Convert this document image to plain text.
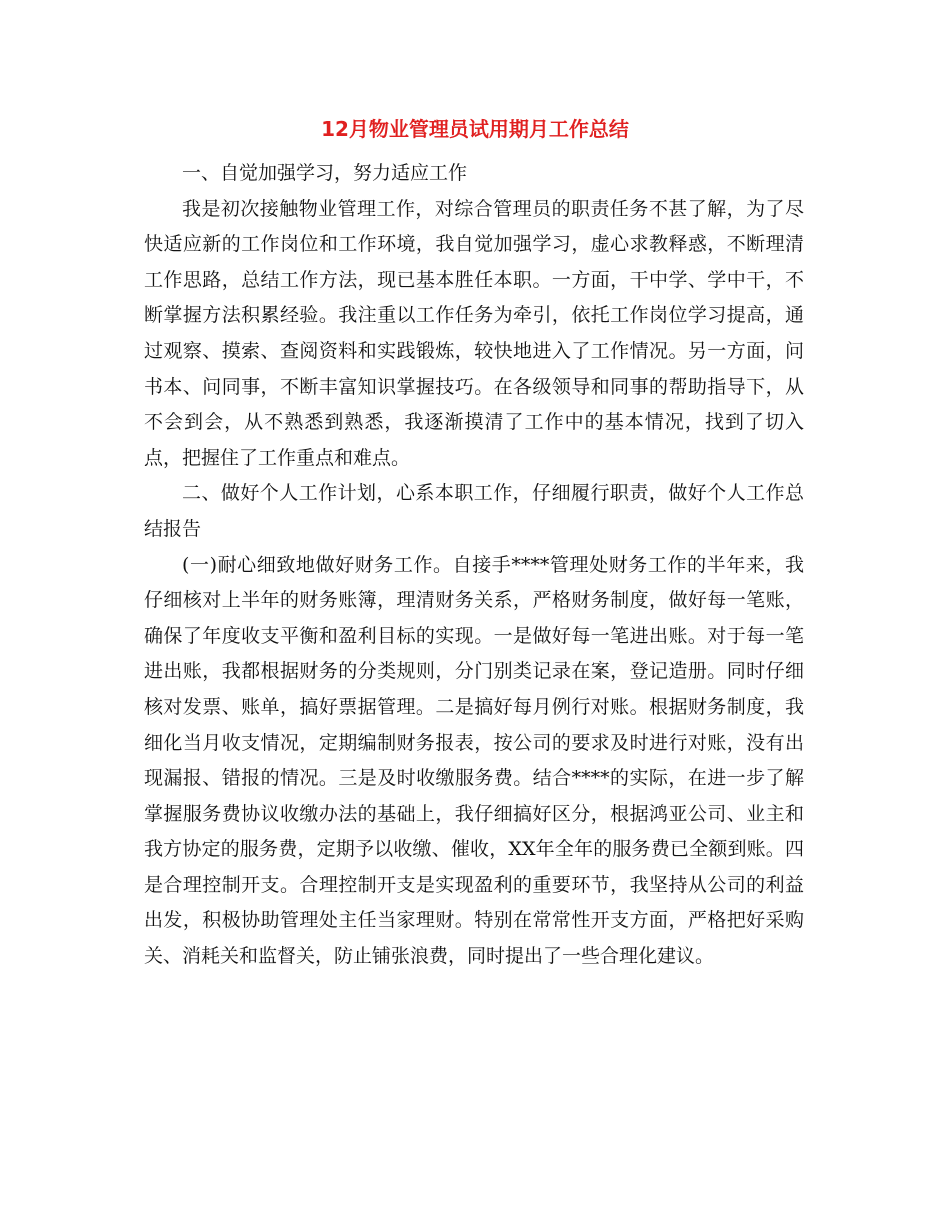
12月物业管理员试用期月工作总结

一、自觉加强学习，努力适应工作

我是初次接触物业管理工作，对综合管理员的职责任务不甚了解，为了尽快适应新的工作岗位和工作环境，我自觉加强学习，虚心求教释惑，不断理清工作思路，总结工作方法，现已基本胜任本职。一方面，干中学、学中干，不断掌握方法积累经验。我注重以工作任务为牵引，依托工作岗位学习提高，通过观察、摸索、查阅资料和实践锻炼，较快地进入了工作情况。另一方面，问书本、问同事，不断丰富知识掌握技巧。在各级领导和同事的帮助指导下，从不会到会，从不熟悉到熟悉，我逐渐摸清了工作中的基本情况，找到了切入点，把握住了工作重点和难点。

二、做好个人工作计划，心系本职工作，仔细履行职责，做好个人工作总结报告

(一)耐心细致地做好财务工作。自接手****管理处财务工作的半年来，我仔细核对上半年的财务账簿，理清财务关系，严格财务制度，做好每一笔账，确保了年度收支平衡和盈利目标的实现。一是做好每一笔进出账。对于每一笔进出账，我都根据财务的分类规则，分门别类记录在案，登记造册。同时仔细核对发票、账单，搞好票据管理。二是搞好每月例行对账。根据财务制度，我细化当月收支情况，定期编制财务报表，按公司的要求及时进行对账，没有出现漏报、错报的情况。三是及时收缴服务费。结合****的实际，在进一步了解掌握服务费协议收缴办法的基础上，我仔细搞好区分，根据鸿亚公司、业主和我方协定的服务费，定期予以收缴、催收，XX年全年的服务费已全额到账。四是合理控制开支。合理控制开支是实现盈利的重要环节，我坚持从公司的利益出发，积极协助管理处主任当家理财。特别在常常性开支方面，严格把好采购关、消耗关和监督关，防止铺张浪费，同时提出了一些合理化建议。
